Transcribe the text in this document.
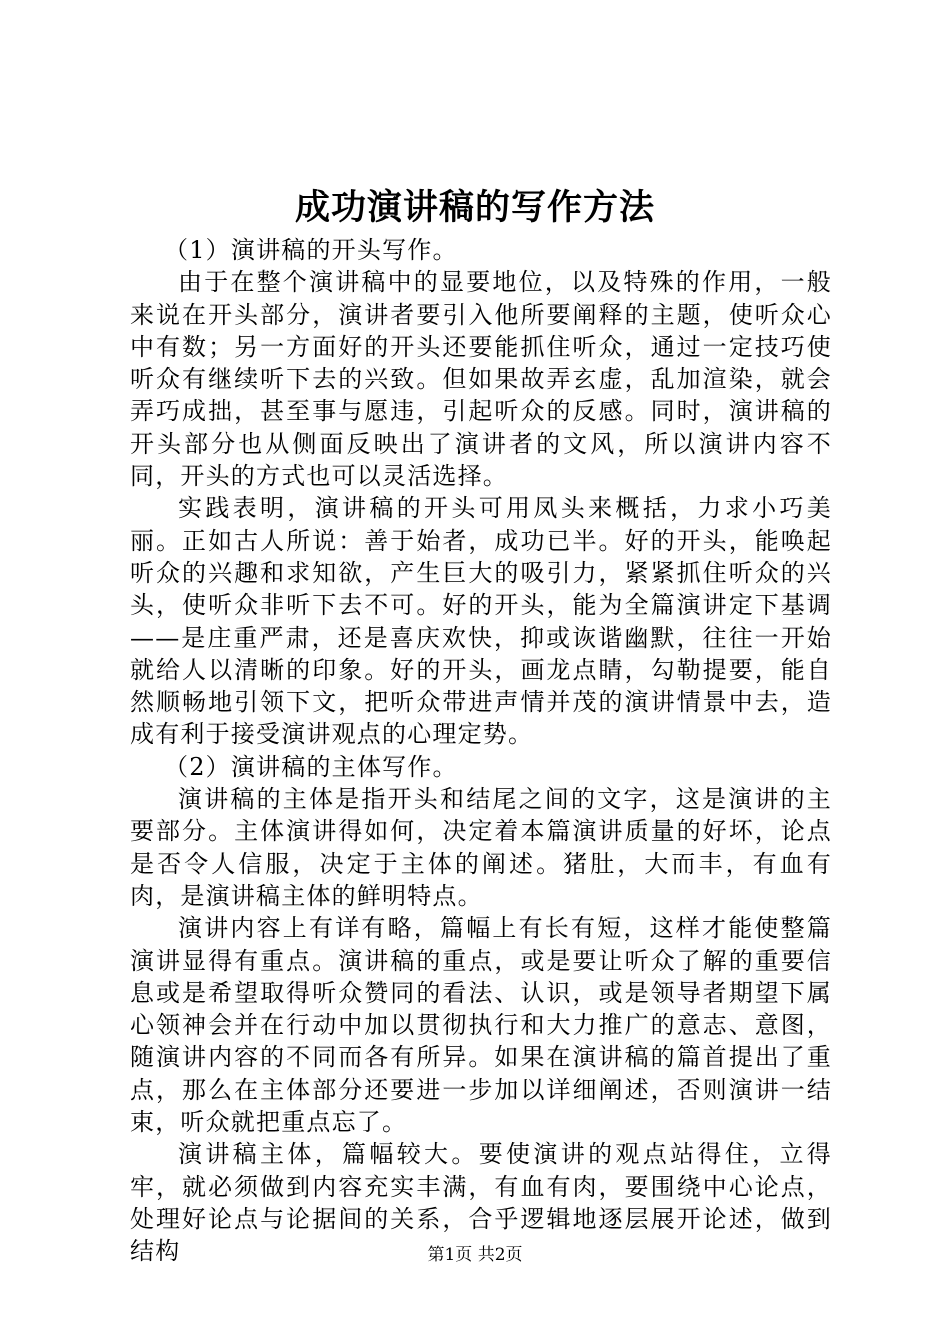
成功演讲稿的写作方法

（1）演讲稿的开头写作。

由于在整个演讲稿中的显要地位，以及特殊的作用，一般来说在开头部分，演讲者要引入他所要阐释的主题，使听众心中有数；另一方面好的开头还要能抓住听众，通过一定技巧使听众有继续听下去的兴致。但如果故弄玄虚，乱加渲染，就会弄巧成拙，甚至事与愿违，引起听众的反感。同时，演讲稿的开头部分也从侧面反映出了演讲者的文风，所以演讲内容不同，开头的方式也可以灵活选择。

实践表明，演讲稿的开头可用凤头来概括，力求小巧美丽。正如古人所说：善于始者，成功已半。好的开头，能唤起听众的兴趣和求知欲，产生巨大的吸引力，紧紧抓住听众的兴头，使听众非听下去不可。好的开头，能为全篇演讲定下基调——是庄重严肃，还是喜庆欢快，抑或诙谐幽默，往往一开始就给人以清晰的印象。好的开头，画龙点睛，勾勒提要，能自然顺畅地引领下文，把听众带进声情并茂的演讲情景中去，造成有利于接受演讲观点的心理定势。

（2）演讲稿的主体写作。

演讲稿的主体是指开头和结尾之间的文字，这是演讲的主要部分。主体演讲得如何，决定着本篇演讲质量的好坏，论点是否令人信服，决定于主体的阐述。猪肚，大而丰，有血有肉，是演讲稿主体的鲜明特点。

演讲内容上有详有略，篇幅上有长有短，这样才能使整篇演讲显得有重点。演讲稿的重点，或是要让听众了解的重要信息或是希望取得听众赞同的看法、认识，或是领导者期望下属心领神会并在行动中加以贯彻执行和大力推广的意志、意图，随演讲内容的不同而各有所异。如果在演讲稿的篇首提出了重点，那么在主体部分还要进一步加以详细阐述，否则演讲一结束，听众就把重点忘了。

演讲稿主体，篇幅较大。要使演讲的观点站得住，立得牢，就必须做到内容充实丰满，有血有肉，要围绕中心论点，处理好论点与论据间的关系，合乎逻辑地逐层展开论述，做到结构	第1页 共2页
